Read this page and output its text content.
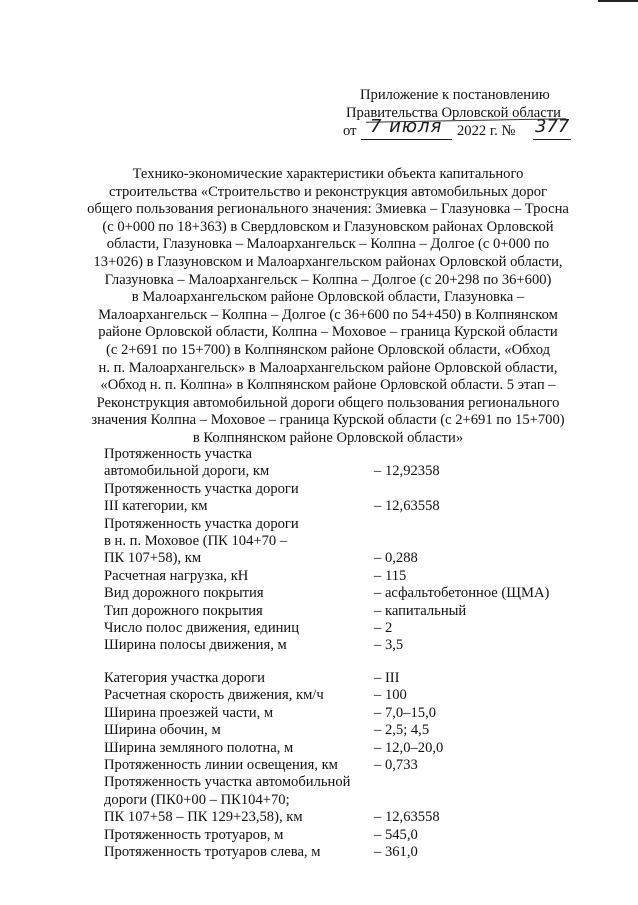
Приложение к постановлению
Правительства Орловской области
от 7 июля 2022 г. № 377
Технико-экономические характеристики объекта капитального
строительства «Строительство и реконструкция автомобильных дорог
общего пользования регионального значения: Змиевка – Глазуновка – Тросна
(с 0+000 по 18+363) в Свердловском и Глазуновском районах Орловской
области, Глазуновка – Малоархангельск – Колпна – Долгое (с 0+000 по
13+026) в Глазуновском и Малоархангельском районах Орловской области,
Глазуновка – Малоархангельск – Колпна – Долгое (с 20+298 по 36+600)
в Малоархангельском районе Орловской области, Глазуновка –
Малоархангельск – Колпна – Долгое (с 36+600 по 54+450) в Колпнянском
районе Орловской области, Колпна – Моховое – граница Курской области
(с 2+691 по 15+700) в Колпнянском районе Орловской области, «Обход
н. п. Малоархангельск» в Малоархангельском районе Орловской области,
«Обход н. п. Колпна» в Колпнянском районе Орловской области. 5 этап –
Реконструкция автомобильной дороги общего пользования регионального
значения Колпна – Моховое – граница Курской области (с 2+691 по 15+700)
в Колпнянском районе Орловской области»
Протяженность участка
автомобильной дороги, км	– 12,92358
Протяженность участка дороги
III категории, км	– 12,63558
Протяженность участка дороги
в н. п. Моховое (ПК 104+70 –
ПК 107+58), км	– 0,288
Расчетная нагрузка, кН	– 115
Вид дорожного покрытия	– асфальтобетонное (ЩМА)
Тип дорожного покрытия	– капитальный
Число полос движения, единиц	– 2
Ширина полосы движения, м	– 3,5
Категория участка дороги	– III
Расчетная скорость движения, км/ч	– 100
Ширина проезжей части, м	– 7,0–15,0
Ширина обочин, м	– 2,5; 4,5
Ширина земляного полотна, м	– 12,0–20,0
Протяженность линии освещения, км	– 0,733
Протяженность участка автомобильной
дороги (ПК0+00 – ПК104+70;
ПК 107+58 – ПК 129+23,58), км	– 12,63558
Протяженность тротуаров, м	– 545,0
Протяженность тротуаров слева, м	– 361,0
